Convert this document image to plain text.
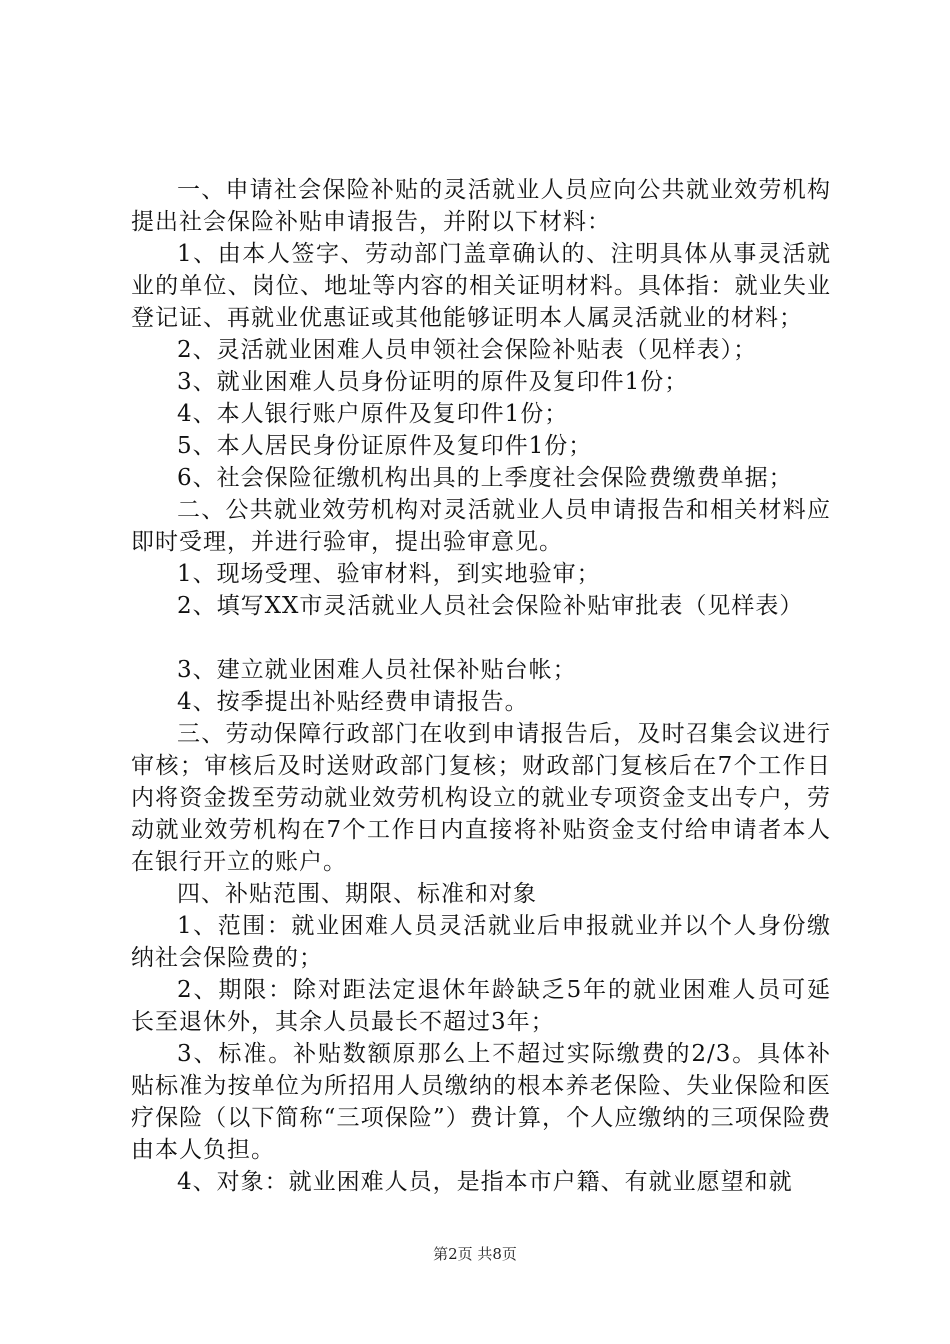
一、申请社会保险补贴的灵活就业人员应向公共就业效劳机构提出社会保险补贴申请报告，并附以下材料：

1、由本人签字、劳动部门盖章确认的、注明具体从事灵活就业的单位、岗位、地址等内容的相关证明材料。具体指：就业失业登记证、再就业优惠证或其他能够证明本人属灵活就业的材料；

2、灵活就业困难人员申领社会保险补贴表（见样表）；

3、就业困难人员身份证明的原件及复印件1份；

4、本人银行账户原件及复印件1份；

5、本人居民身份证原件及复印件1份；

6、社会保险征缴机构出具的上季度社会保险费缴费单据；

二、公共就业效劳机构对灵活就业人员申请报告和相关材料应即时受理，并进行验审，提出验审意见。

1、现场受理、验审材料，到实地验审；

2、填写XX市灵活就业人员社会保险补贴审批表（见样表）

3、建立就业困难人员社保补贴台帐；

4、按季提出补贴经费申请报告。

三、劳动保障行政部门在收到申请报告后，及时召集会议进行审核；审核后及时送财政部门复核；财政部门复核后在7个工作日内将资金拨至劳动就业效劳机构设立的就业专项资金支出专户，劳动就业效劳机构在7个工作日内直接将补贴资金支付给申请者本人在银行开立的账户。

四、补贴范围、期限、标准和对象

1、范围：就业困难人员灵活就业后申报就业并以个人身份缴纳社会保险费的；

2、期限：除对距法定退休年龄缺乏5年的就业困难人员可延长至退休外，其余人员最长不超过3年；

3、标准。补贴数额原那么上不超过实际缴费的2/3。具体补贴标准为按单位为所招用人员缴纳的根本养老保险、失业保险和医疗保险（以下简称“三项保险”）费计算，个人应缴纳的三项保险费由本人负担。

4、对象：就业困难人员，是指本市户籍、有就业愿望和就

第2页 共8页
